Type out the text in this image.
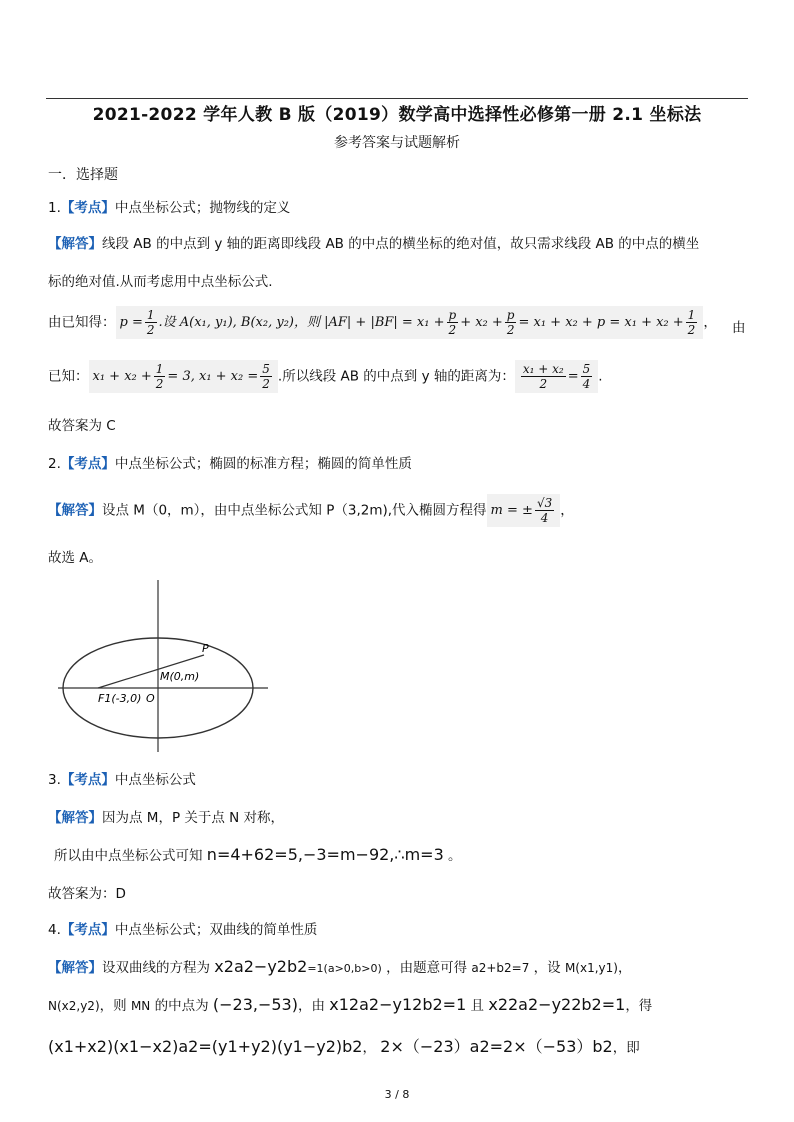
2021-2022 学年人教 B 版（2019）数学高中选择性必修第一册 2.1 坐标法
参考答案与试题解析
一．选择题
1.【考点】中点坐标公式；抛物线的定义
【解答】线段 AB 的中点到 y 轴的距离即线段 AB 的中点的横坐标的绝对值，故只需求线段 AB 的中点的横坐
标的绝对值.从而考虑用中点坐标公式.
由已知得： $p = \frac{1}{2}$ .设 A(x₁, y₁), B(x₂, y₂)，则 $|AF| + |BF| = x_1 + \frac{p}{2} + x_2 + \frac{p}{2} = x_1 + x_2 + p = x_1 + x_2 + \frac{1}{2}$ ， 由
已知： $x_1 + x_2 + \frac{1}{2} = 3$, $x_1 + x_2 = \frac{5}{2}$ .所以线段 AB 的中点到 y 轴的距离为： $\frac{\text{x₁ + x₂}}{2} = \frac{5}{4}$ .
故答案为 C
2.【考点】中点坐标公式；椭圆的标准方程；椭圆的简单性质
【解答】设点 M（0，m），由中点坐标公式知 P（3,2m),代入椭圆方程得 m = ± $\frac{√3}{4}$ ，
故选 A。
P
M(0,m)
F1(-3,0) O
3.【考点】中点坐标公式
【解答】因为点 M，P 关于点 N 对称，
所以由中点坐标公式可知 n=4+62=5,−3=m−92,∴m=3 。
故答案为：D
4.【考点】中点坐标公式；双曲线的简单性质
【解答】设双曲线的方程为 x2a2−y2b2=1(a>0,b>0) ，由题意可得 a2+b2=7 ，设 M(x1,y1)，
N(x2,y2)，则 MN 的中点为 (−23,−53)，由 x12a2−y12b2=1 且 x22a2−y22b2=1，得
(x1+x2)(x1−x2)a2=(y1+y2)(y1−y2)b2， 2×（−23）a2=2×（−53）b2，即
3 / 8
